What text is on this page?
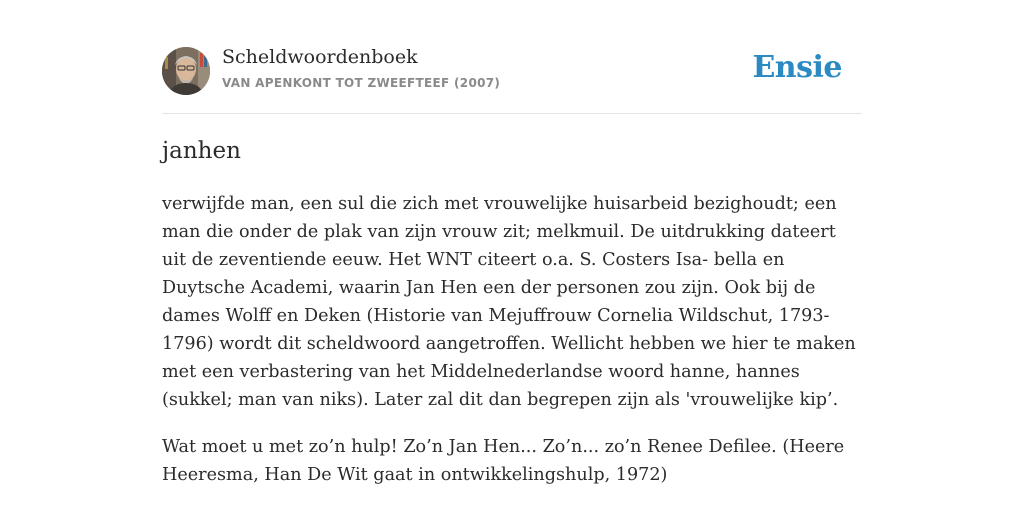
Scheldwoordenboek
VAN APENKONT TOT ZWEEFTEEF (2007)	Ensie
janhen

verwijfde man, een sul die zich met vrouwelijke huisarbeid bezighoudt; een man die onder de plak van zijn vrouw zit; melkmuil. De uitdrukking dateert uit de zeventiende eeuw. Het WNT citeert o.a. S. Costers Isa- bella en Duytsche Academi, waarin Jan Hen een der personen zou zijn. Ook bij de dames Wolff en Deken (Historie van Mejuffrouw Cornelia Wildschut, 1793-1796) wordt dit scheldwoord aangetroffen. Wellicht hebben we hier te maken met een verbastering van het Middelnederlandse woord hanne, hannes (sukkel; man van niks). Later zal dit dan begrepen zijn als 'vrouwelijke kip’.

Wat moet u met zo’n hulp! Zo’n Jan Hen... Zo’n... zo’n Renee Defilee. (Heere Heeresma, Han De Wit gaat in ontwikkelingshulp, 1972)
